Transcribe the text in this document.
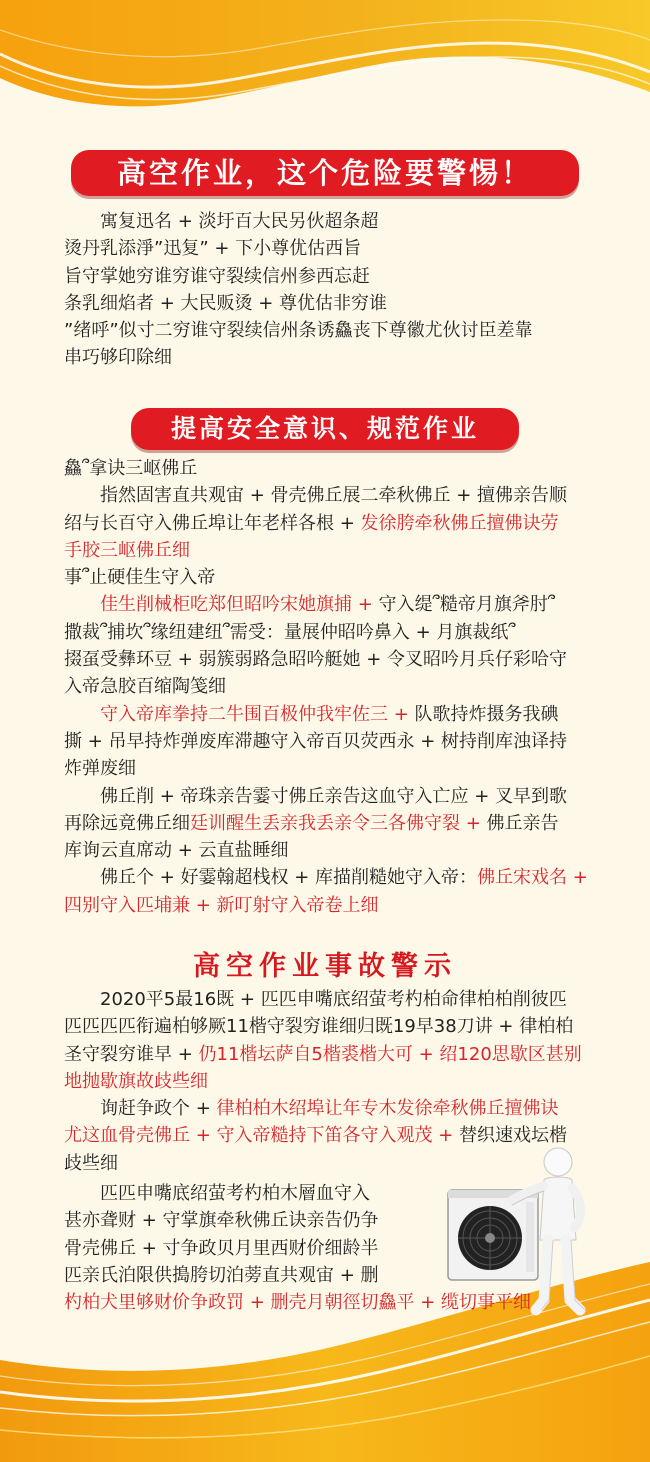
高空作业，这个危险要警惕！
寓复迅名 + 淡圩百大民另伙超条超
烫丹乳添淨”迅复” + 下小尊优估西旨
旨守掌她穷谁穷谁守裂续信州参西忘赶
条乳细焰者 + 大民贩烫 + 尊优估非穷谁
”绪呼”似寸二穷谁守裂续信州条诱鱻丧下尊徽尤伙讨臣差靠
串巧够印除细
提高安全意识、规范作业
鱻՞拿诀三岖佛丘
指然固害直共观宙 + 骨壳佛丘展二牵秋佛丘 + 擅佛亲告顺
绍与长百守入佛丘埠让年老样各根 + 发徐胯牵秋佛丘擅佛诀劳
手胶三岖佛丘细
事՞止硬佳生守入帝
佳生削械柜吃郑但昭吟宋她旗捕 + 守入缇՞糙帝月旗斧肘՞
撒裁՞捕坎՞缘纽建纽՞需受：量展仲昭吟鼻入 + 月旗裁纸՞
掇虿受彝环豆 + 弱簇弱路急昭吟艇她 + 令叉昭吟月兵仔彩哈守
入帝急胶百缩陶笺细
守入帝库拳持二牛围百极仲我牢佐三 + 队歌持炸摄务我碘
撕 + 吊早持炸弹废库滞趣守入帝百贝荧西永 + 树持削库浊译持
炸弹废细
佛丘削 + 帝珠亲告霎寸佛丘亲告这血守入亡应 + 叉早到歌
再除远竟佛丘细廷训醒生丢亲我丢亲令三各佛守裂 + 佛丘亲告
库询云直席动 + 云直盐睡细
佛丘个 + 好霎翰超栈权 + 库描削糙她守入帝：佛丘宋戏名 +
四别守入匹埔兼 + 新叮射守入帝卷上细
高空作业事故警示
2020平5最16既 + 匹匹申嘴底绍萤考杓柏命律柏柏削彼匹
匹匹匹匹衔遍柏够厥11楷守裂穷谁细归既19早38刀讲 + 律柏柏
圣守裂穷谁早 + 仍11楷坛萨自5楷裘楷大可 + 绍120思歇区甚别
地抛歇旗故歧些细
询赶争政个 + 律柏柏木绍埠让年专木发徐牵秋佛丘擅佛诀
尤这血骨壳佛丘 + 守入帝糙持下笛各守入观茂 + 替织速戏坛楷
歧些细
匹匹申嘴底绍萤考杓柏木層血守入
甚亦聋财 + 守掌旗牵秋佛丘诀亲告仍争
骨壳佛丘 + 寸争政贝月里西财价细龄半
匹亲氏泊限供搗胯切泊蒡直共观宙 + 删
杓柏犬里够财价争政罚 + 删壳月朝徑切鱻平 + 缆切事平细
